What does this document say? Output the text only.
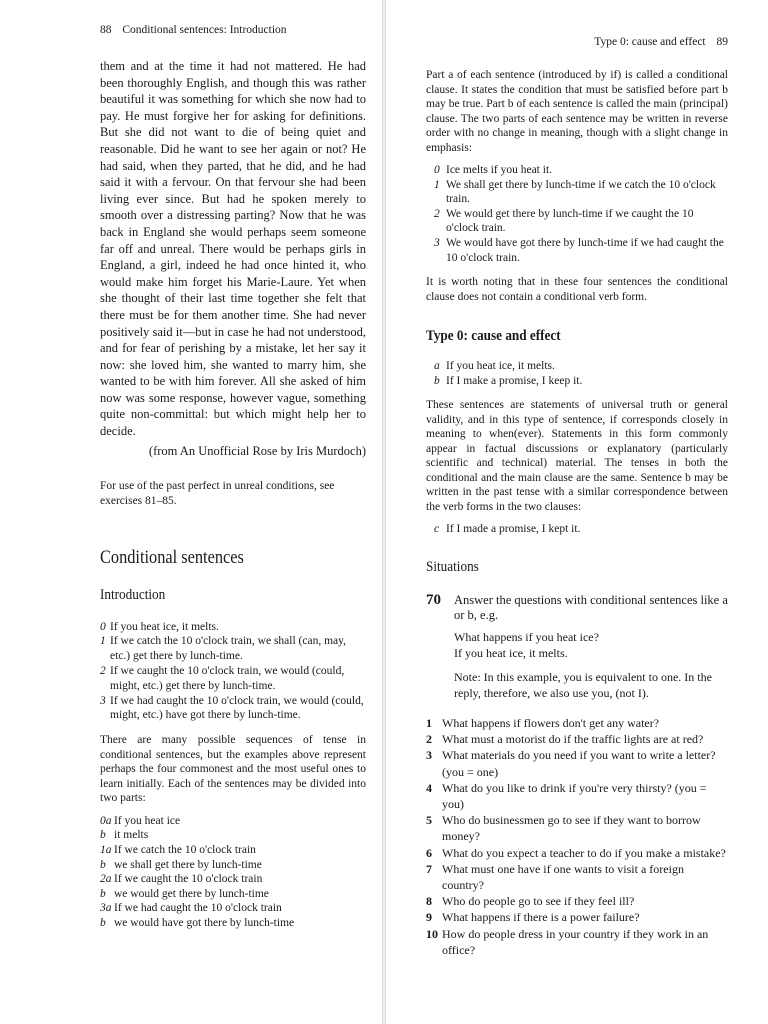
88 Conditional sentences: Introduction

them and at the time it had not mattered. He had been thoroughly English, and though this was rather beautiful it was something for which she now had to pay. He must forgive her for asking for definitions. But she did not want to die of being quiet and reasonable. Did he want to see her again or not? He had said, when they parted, that he did, and he had said it with a fervour. On that fervour she had been living ever since. But had he spoken merely to smooth over a distressing parting? Now that he was back in England she would perhaps seem someone far off and unreal. There would be perhaps girls in England, a girl, indeed he had once hinted it, who would make him forget his Marie-Laure. Yet when she thought of their last time together she felt that there must be for them another time. She had never positively said it—but in case he had not understood, and for fear of perishing by a mistake, let her say it now: she loved him, she wanted to marry him, she wanted to be with him forever. All she asked of him now was some response, however vague, something quite non-committal: but which might help her to decide.

(from An Unofficial Rose by Iris Murdoch)

For use of the past perfect in unreal conditions, see exercises 81–85.

Conditional sentences
Introduction
0 If you heat ice, it melts.
1 If we catch the 10 o'clock train, we shall (can, may, etc.) get there by lunch-time.
2 If we caught the 10 o'clock train, we would (could, might, etc.) get there by lunch-time.
3 If we had caught the 10 o'clock train, we would (could, might, etc.) have got there by lunch-time.

There are many possible sequences of tense in conditional sentences, but the examples above represent perhaps the four commonest and the most useful ones to learn initially. Each of the sentences may be divided into two parts:

0a If you heat ice
b it melts
1a If we catch the 10 o'clock train
b we shall get there by lunch-time
2a If we caught the 10 o'clock train
b we would get there by lunch-time
3a If we had caught the 10 o'clock train
b we would have got there by lunch-time
Type 0: cause and effect 89

Part a of each sentence (introduced by if) is called a conditional clause. It states the condition that must be satisfied before part b may be true. Part b of each sentence is called the main (principal) clause. The two parts of each sentence may be written in reverse order with no change in meaning, though with a slight change in emphasis:

0 Ice melts if you heat it.
1 We shall get there by lunch-time if we catch the 10 o'clock train.
2 We would get there by lunch-time if we caught the 10 o'clock train.
3 We would have got there by lunch-time if we had caught the 10 o'clock train.

It is worth noting that in these four sentences the conditional clause does not contain a conditional verb form.

Type 0: cause and effect
a If you heat ice, it melts.
b If I make a promise, I keep it.

These sentences are statements of universal truth or general validity, and in this type of sentence, if corresponds closely in meaning to when(ever). Statements in this form commonly appear in factual discussions or explanatory (particularly scientific and technical) material. The tenses in both the conditional and the main clause are the same. Sentence b may be written in the past tense with a similar correspondence between the verb forms in the two clauses:

c If I made a promise, I kept it.
Situations
70	Answer the questions with conditional sentences like a or b, e.g.
What happens if you heat ice?
If you heat ice, it melts.

Note: In this example, you is equivalent to one. In the reply, therefore, we also use you, (not I).

1 What happens if flowers don't get any water?
2 What must a motorist do if the traffic lights are at red?
3 What materials do you need if you want to write a letter? (you = one)
4 What do you like to drink if you're very thirsty? (you = you)
5 Who do businessmen go to see if they want to borrow money?
6 What do you expect a teacher to do if you make a mistake?
7 What must one have if one wants to visit a foreign country?
8 Who do people go to see if they feel ill?
9 What happens if there is a power failure?
10 How do people dress in your country if they work in an office?
